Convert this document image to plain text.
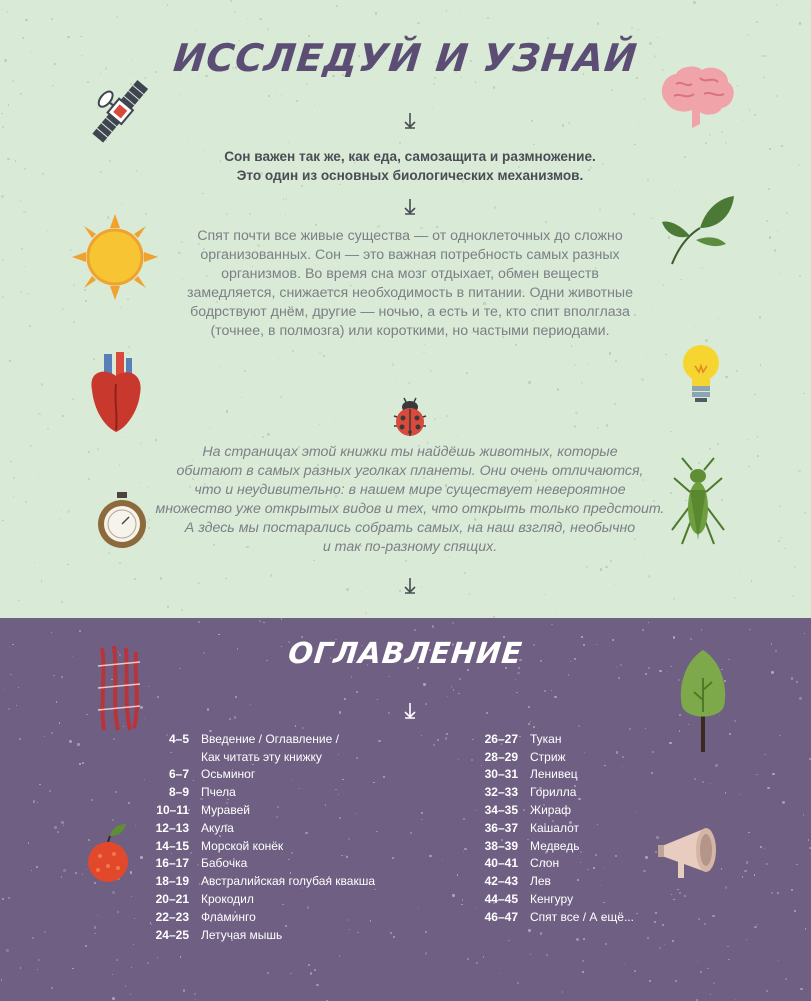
ИССЛЕДУЙ И УЗНАЙ
ОГЛАВЛЕНИЕ
Сон важен так же, как еда, самозащита и размножение.
Это один из основных биологических механизмов.
Спят почти все живые существа — от одноклеточных до сложно
организованных. Сон — это важная потребность самых разных
организмов. Во время сна мозг отдыхает, обмен веществ
замедляется, снижается необходимость в питании. Одни животные
бодрствуют днём, другие — ночью, а есть и те, кто спит вполглаза
(точнее, в полмозга) или короткими, но частыми периодами.
На страницах этой книжки ты найдёшь животных, которые
обитают в самых разных уголках планеты. Они очень отличаются,
что и неудивительно: в нашем мире существует невероятное
множество уже открытых видов и тех, что открыть только предстоит.
А здесь мы постарались собрать самых, на наш взгляд, необычно
и так по-разному спящих.
4–5 Введение / Оглавление /
Как читать эту книжку
6–7 Осьминог
8–9 Пчела
10–11 Муравей
12–13 Акула
14–15 Морской конёк
16–17 Бабочка
18–19 Австралийская голубая квакша
20–21 Крокодил
22–23 Фламинго
24–25 Летучая мышь
26–27 Тукан
28–29 Стриж
30–31 Ленивец
32–33 Горилла
34–35 Жираф
36–37 Кашалот
38–39 Медведь
40–41 Слон
42–43 Лев
44–45 Кенгуру
46–47 Спят все / А ещё...
